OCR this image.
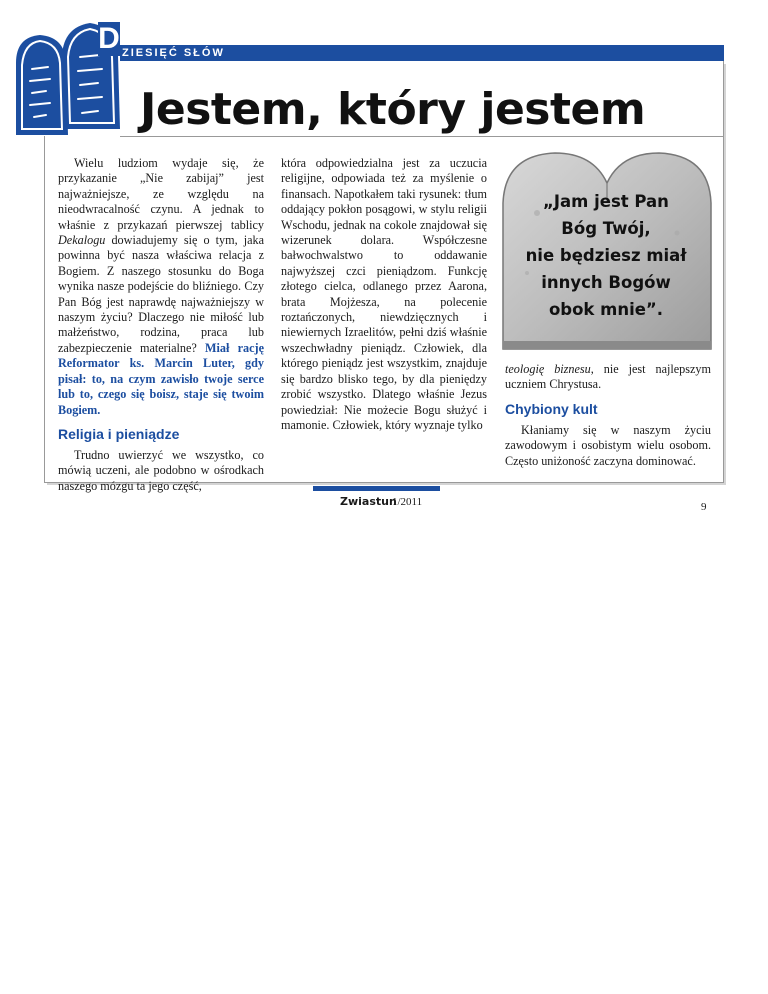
D ZIESIĘĆ SŁÓW
Jestem, który jestem

Wielu ludziom wydaje się, że przykazanie „Nie zabijaj” jest najważniejsze, ze względu na nieodwracalność czynu. A jednak to właśnie z przykazań pierwszej tablicy Dekalogu dowiadujemy się o tym, jaka powinna być nasza właściwa relacja z Bogiem. Z naszego stosunku do Boga wynika nasze podejście do bliźniego. Czy Pan Bóg jest naprawdę najważniejszy w naszym życiu? Dlaczego nie miłość lub małżeństwo, rodzina, praca lub zabezpieczenie materialne? Miał rację Reformator ks. Marcin Luter, gdy pisał: to, na czym zawisło twoje serce lub to, czego się boisz, staje się twoim Bogiem.

Religia i pieniądze

Trudno uwierzyć we wszystko, co mówią uczeni, ale podobno w ośrodkach naszego mózgu ta jego część,

która odpowiedzialna jest za uczucia religijne, odpowiada też za myślenie o finansach. Napotkałem taki rysunek: tłum oddający pokłon posągowi, w stylu religii Wschodu, jednak na cokole znajdował się wizerunek dolara. Współczesne bałwochwalstwo to oddawanie najwyższej czci pieniądzom. Funkcję złotego cielca, odlanego przez Aarona, brata Mojżesza, na polecenie roztańczonych, niewdzięcznych i niewiernych Izraelitów, pełni dziś właśnie wszechwładny pieniądz. Człowiek, dla którego pieniądz jest wszystkim, znajduje się bardzo blisko tego, by dla pieniędzy zrobić wszystko. Dlatego właśnie Jezus powiedział: Nie możecie Bogu służyć i mamonie. Człowiek, który wyznaje tylko

„Jam jest Pan
Bóg Twój,
nie będziesz miał
innych Bogów
obok mnie”.

teologię biznesu, nie jest najlepszym uczniem Chrystusa.

Chybiony kult

Kłaniamy się w naszym życiu zawodowym i osobistym wielu osobom. Często uniżoność zaczyna dominować.

Zwiastun
1/2011	9
